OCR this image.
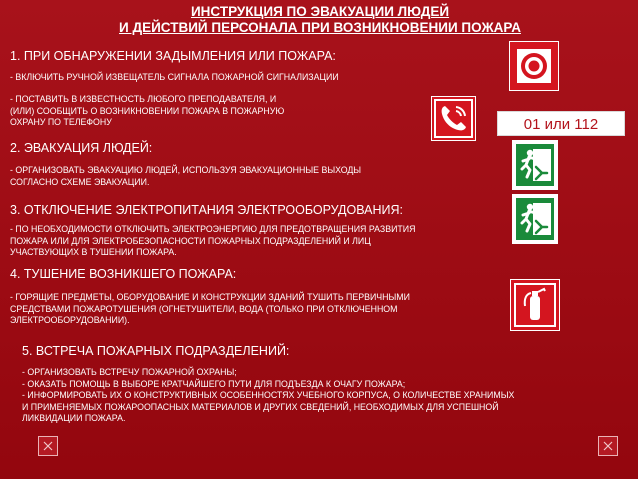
ИНСТРУКЦИЯ ПО ЭВАКУАЦИИ ЛЮДЕЙ
И ДЕЙСТВИЙ ПЕРСОНАЛА ПРИ ВОЗНИКНОВЕНИИ ПОЖАРА
1. ПРИ ОБНАРУЖЕНИИ ЗАДЫМЛЕНИЯ ИЛИ ПОЖАРА:
- ВКЛЮЧИТЬ РУЧНОЙ ИЗВЕЩАТЕЛЬ СИГНАЛА ПОЖАРНОЙ СИГНАЛИЗАЦИИ
- ПОСТАВИТЬ В ИЗВЕСТНОСТЬ ЛЮБОГО ПРЕПОДАВАТЕЛЯ, И
(ИЛИ) СООБЩИТЬ О ВОЗНИКНОВЕНИИ ПОЖАРА В ПОЖАРНУЮ
ОХРАНУ ПО ТЕЛЕФОНУ
2. ЭВАКУАЦИЯ ЛЮДЕЙ:
- ОРГАНИЗОВАТЬ ЭВАКУАЦИЮ ЛЮДЕЙ, ИСПОЛЬЗУЯ ЭВАКУАЦИОННЫЕ ВЫХОДЫ
СОГЛАСНО СХЕМЕ ЭВАКУАЦИИ.
3. ОТКЛЮЧЕНИЕ ЭЛЕКТРОПИТАНИЯ ЭЛЕКТРООБОРУДОВАНИЯ:
- ПО НЕОБХОДИМОСТИ ОТКЛЮЧИТЬ ЭЛЕКТРОЭНЕРГИЮ ДЛЯ ПРЕДОТВРАЩЕНИЯ РАЗВИТИЯ
ПОЖАРА ИЛИ ДЛЯ ЭЛЕКТРОБЕЗОПАСНОСТИ ПОЖАРНЫХ ПОДРАЗДЕЛЕНИЙ И ЛИЦ
УЧАСТВУЮЩИХ В ТУШЕНИИ ПОЖАРА.
4. ТУШЕНИЕ ВОЗНИКШЕГО ПОЖАРА:
- ГОРЯЩИЕ ПРЕДМЕТЫ, ОБОРУДОВАНИЕ И КОНСТРУКЦИИ ЗДАНИЙ ТУШИТЬ ПЕРВИЧНЫМИ
СРЕДСТВАМИ ПОЖАРОТУШЕНИЯ (ОГНЕТУШИТЕЛИ, ВОДА (ТОЛЬКО ПРИ ОТКЛЮЧЕННОМ
ЭЛЕКТРООБОРУДОВАНИИ).
5. ВСТРЕЧА ПОЖАРНЫХ ПОДРАЗДЕЛЕНИЙ:
- ОРГАНИЗОВАТЬ ВСТРЕЧУ ПОЖАРНОЙ ОХРАНЫ;
- ОКАЗАТЬ ПОМОЩЬ В ВЫБОРЕ КРАТЧАЙШЕГО ПУТИ ДЛЯ ПОДЪЕЗДА К ОЧАГУ ПОЖАРА;
- ИНФОРМИРОВАТЬ ИХ О КОНСТРУКТИВНЫХ ОСОБЕННОСТЯХ УЧЕБНОГО КОРПУСА, О КОЛИЧЕСТВЕ ХРАНИМЫХ
И ПРИМЕНЯЕМЫХ ПОЖАРООПАСНЫХ МАТЕРИАЛОВ И ДРУГИХ СВЕДЕНИЙ, НЕОБХОДИМЫХ ДЛЯ УСПЕШНОЙ
ЛИКВИДАЦИИ ПОЖАРА.
01 или 112
